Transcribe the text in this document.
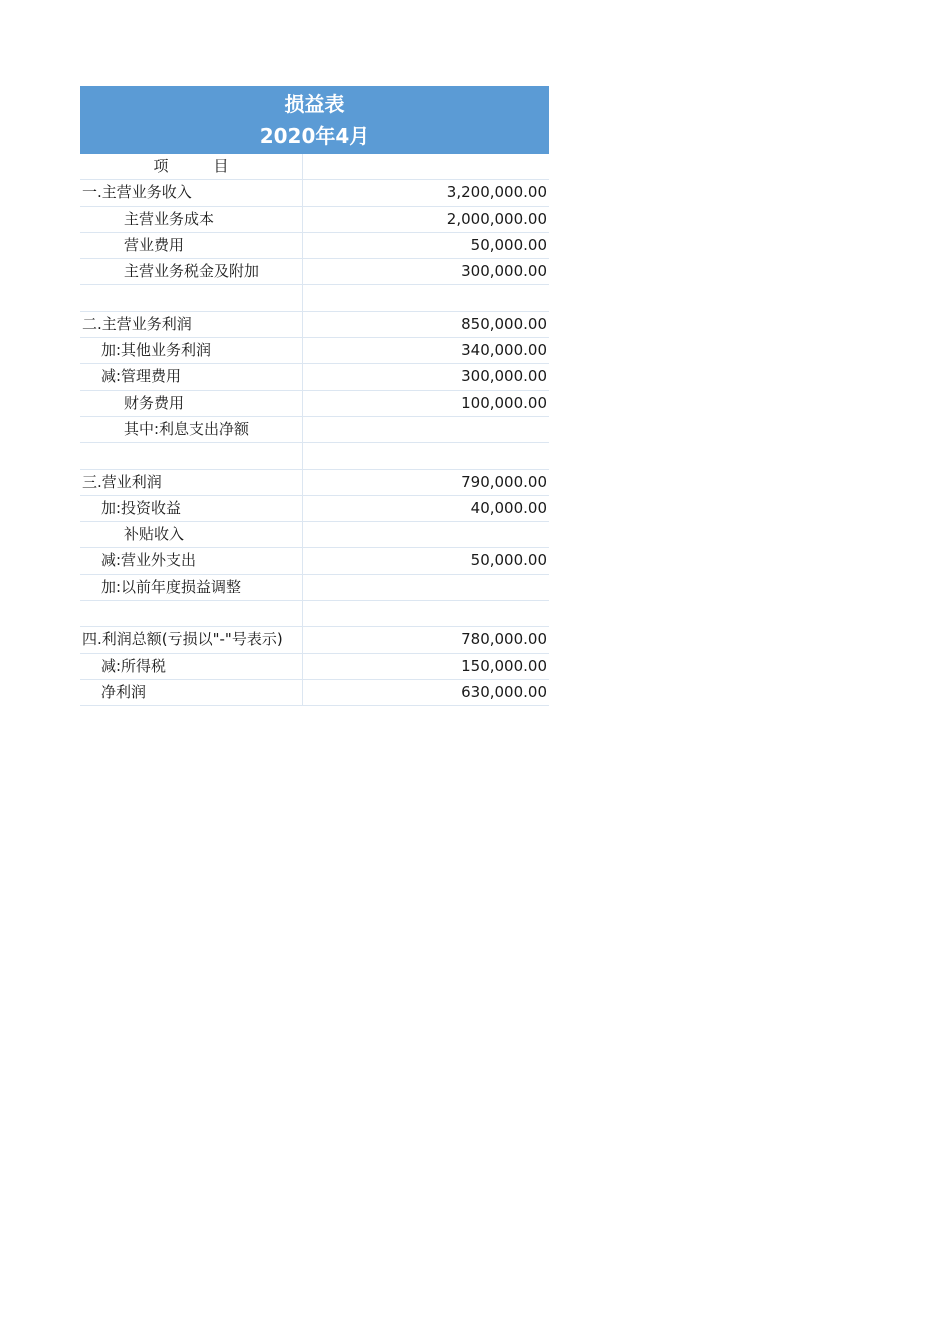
损益表
2020年4月
项　　　目
一.主营业务收入	3,200,000.00
主营业务成本	2,000,000.00
营业费用	50,000.00
主营业务税金及附加	300,000.00
二.主营业务利润	850,000.00
加:其他业务利润	340,000.00
减:管理费用	300,000.00
财务费用	100,000.00
其中:利息支出净额
三.营业利润	790,000.00
加:投资收益	40,000.00
补贴收入
减:营业外支出	50,000.00
加:以前年度损益调整
四.利润总额(亏损以"-"号表示)	780,000.00
减:所得税	150,000.00
净利润	630,000.00
